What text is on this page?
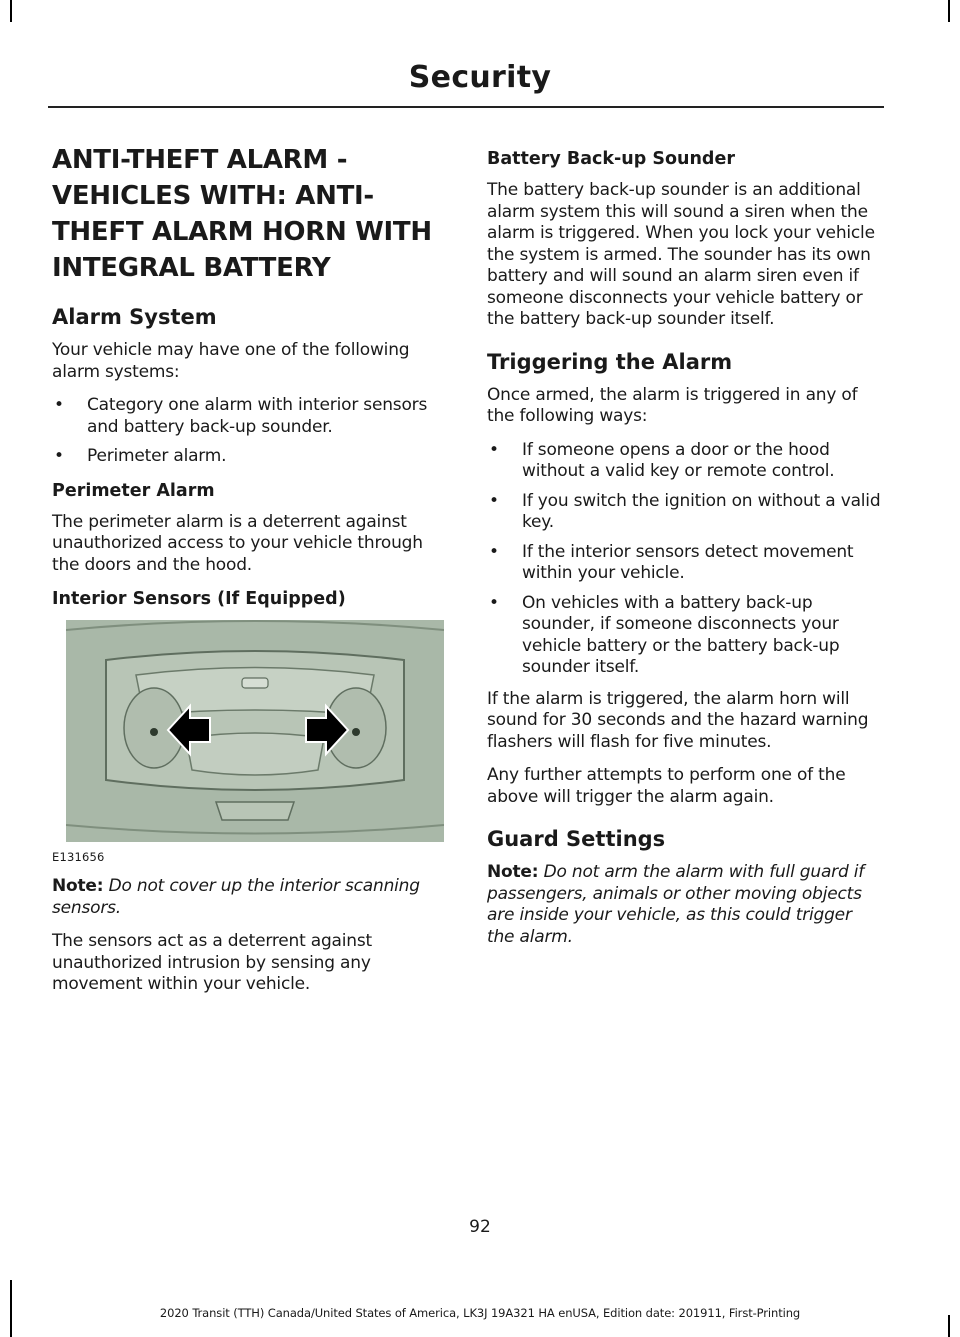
Security
ANTI-THEFT ALARM - VEHICLES WITH: ANTI-THEFT ALARM HORN WITH INTEGRAL BATTERY
Alarm System

Your vehicle may have one of the following alarm systems:

• Category one alarm with interior sensors and battery back-up sounder.
• Perimeter alarm.
Perimeter Alarm

The perimeter alarm is a deterrent against unauthorized access to your vehicle through the doors and the hood.

Interior Sensors (If Equipped)
E131656

Note: Do not cover up the interior scanning sensors.

The sensors act as a deterrent against unauthorized intrusion by sensing any movement within your vehicle.

Battery Back-up Sounder

The battery back-up sounder is an additional alarm system this will sound a siren when the alarm is triggered. When you lock your vehicle the system is armed. The sounder has its own battery and will sound an alarm siren even if someone disconnects your vehicle battery or the battery back-up sounder itself.

Triggering the Alarm

Once armed, the alarm is triggered in any of the following ways:

• If someone opens a door or the hood without a valid key or remote control.
• If you switch the ignition on without a valid key.
• If the interior sensors detect movement within your vehicle.
• On vehicles with a battery back-up sounder, if someone disconnects your vehicle battery or the battery back-up sounder itself.

If the alarm is triggered, the alarm horn will sound for 30 seconds and the hazard warning flashers will flash for five minutes.

Any further attempts to perform one of the above will trigger the alarm again.

Guard Settings

Note: Do not arm the alarm with full guard if passengers, animals or other moving objects are inside your vehicle, as this could trigger the alarm.

92
2020 Transit (TTH) Canada/United States of America, LK3J 19A321 HA enUSA, Edition date: 201911, First-Printing
